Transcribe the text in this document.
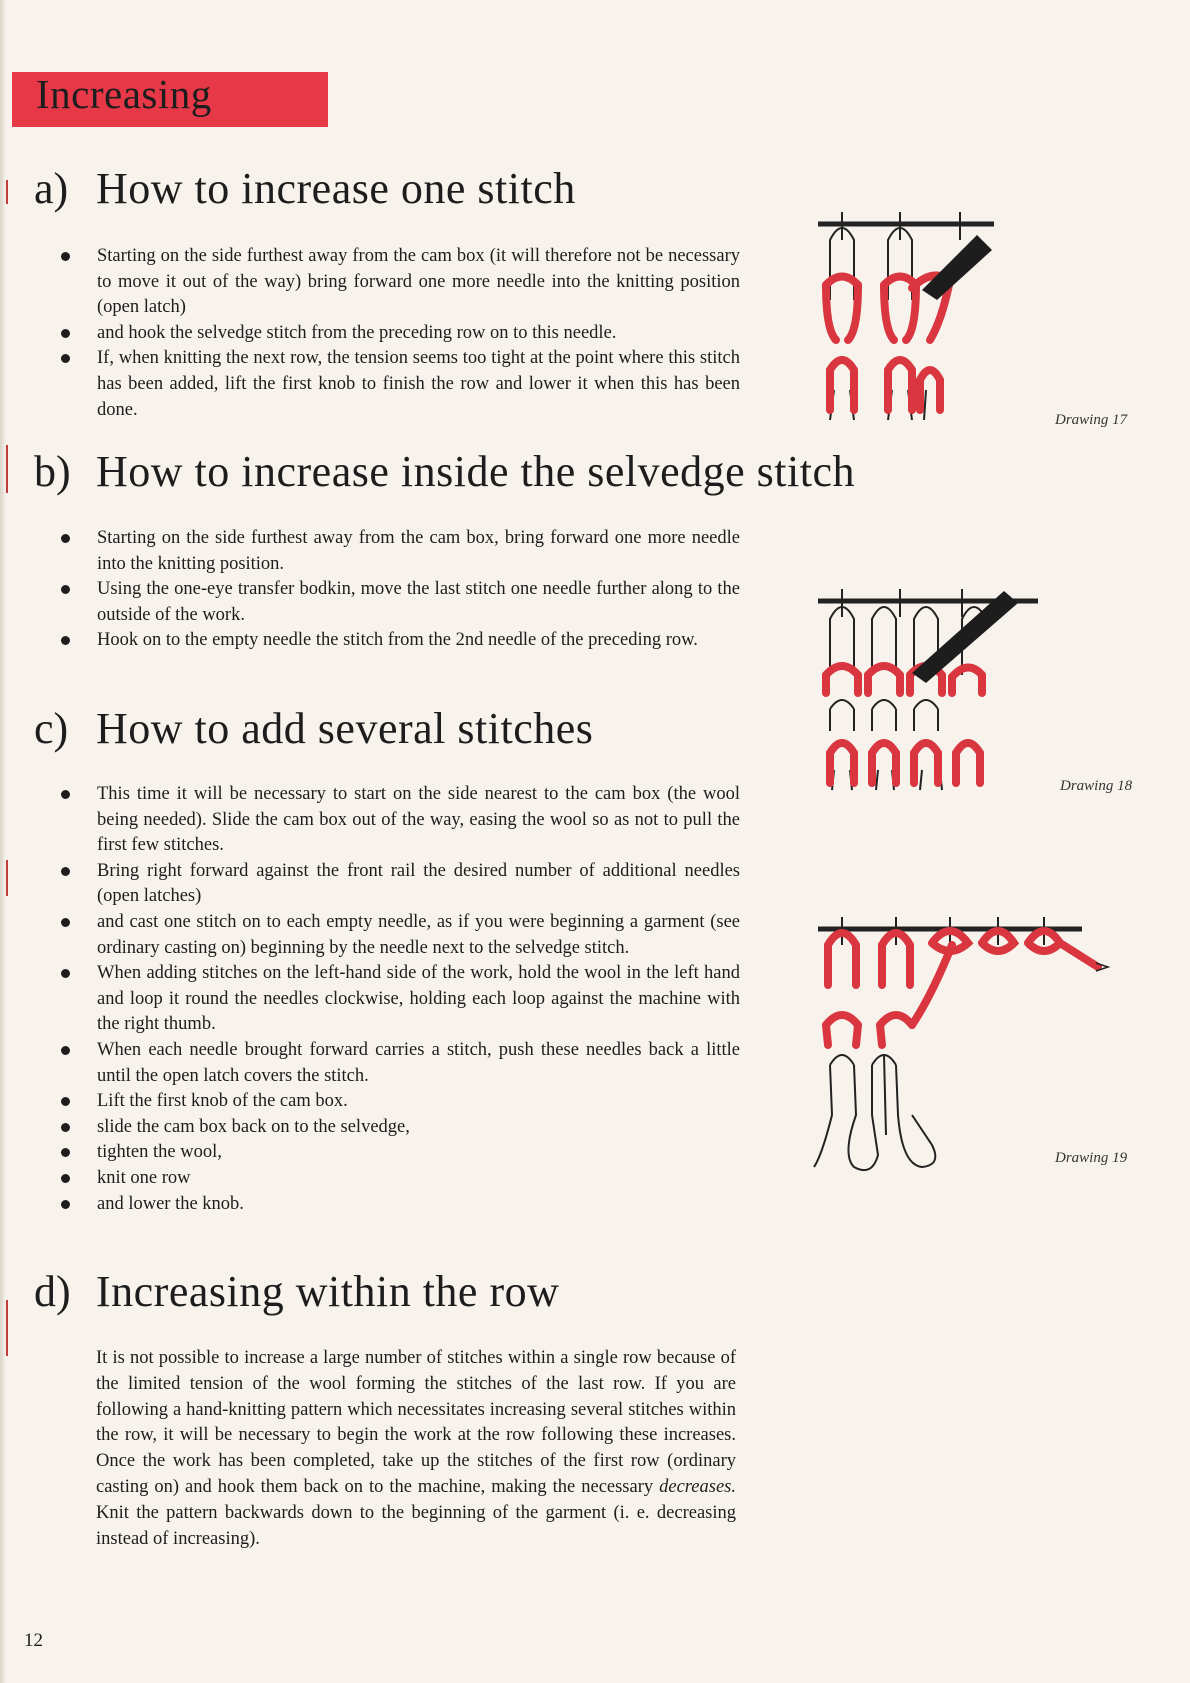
Increasing
a) How to increase one stitch
Starting on the side furthest away from the cam box (it will therefore not be necessary to move it out of the way) bring forward one more needle into the knitting position (open latch)
and hook the selvedge stitch from the preceding row on to this needle.
If, when knitting the next row, the tension seems too tight at the point where this stitch has been added, lift the first knob to finish the row and lower it when this has been done.
b) How to increase inside the selvedge stitch
Starting on the side furthest away from the cam box, bring forward one more needle into the knitting position.
Using the one-eye transfer bodkin, move the last stitch one needle further along to the outside of the work.
Hook on to the empty needle the stitch from the 2nd needle of the preceding row.
c) How to add several stitches
This time it will be necessary to start on the side nearest to the cam box (the wool being needed). Slide the cam box out of the way, easing the wool so as not to pull the first few stitches.
Bring right forward against the front rail the desired number of additional needles (open latches)
and cast one stitch on to each empty needle, as if you were beginning a garment (see ordinary casting on) beginning by the needle next to the selvedge stitch.
When adding stitches on the left-hand side of the work, hold the wool in the left hand and loop it round the needles clockwise, holding each loop against the machine with the right thumb.
When each needle brought forward carries a stitch, push these needles back a little until the open latch covers the stitch.
Lift the first knob of the cam box.
slide the cam box back on to the selvedge,
tighten the wool,
knit one row
and lower the knob.
d) Increasing within the row

It is not possible to increase a large number of stitches within a single row because of the limited tension of the wool forming the stitches of the last row. If you are following a hand-knitting pattern which necessitates increasing several stitches within the row, it will be necessary to begin the work at the row following these increases. Once the work has been completed, take up the stitches of the first row (ordinary casting on) and hook them back on to the machine, making the necessary decreases. Knit the pattern backwards down to the beginning of the garment (i. e. decreasing instead of increasing).

Drawing 17
Drawing 18
Drawing 19
12
